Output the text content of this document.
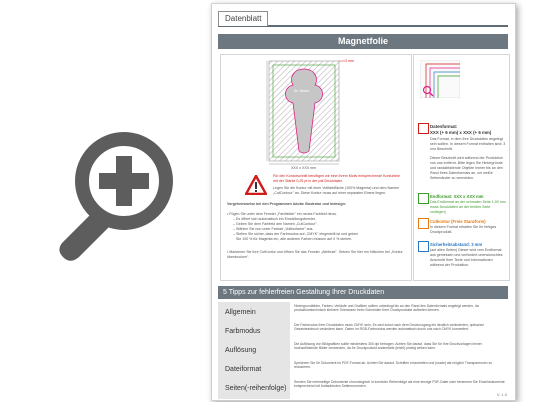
Datenblatt
Magnetfolie
Ihr Motiv
3 mm
XXX x XXX mm
Für den Konturschnitt benötigen wir eine Ihrem Motiv entsprechende Konturlinie mit der Stärke 0,25 pt in der pdf-Druckdatei.
Legen Sie die Kontur mit einer Vollfarbfläche (100% Magenta) und dem Namen „CutContour" an. Diese Kontur muss auf einer separaten Ebene liegen.
Vorgehensweise bei den Programmen Adobe Illustrator und Indesign:
• Fügen Sie unter dem Fenster „Farbfelder" ein neues Farbfeld hinzu.
– Es öffnet sich automatisch ein Einstellungsfenster.
– Geben Sie dem Farbfeld den Namen „CutContour".
– Wählen Sie nun unter Farbart „Volltonfarbe" aus.
– Stellen Sie sicher, dass der Farbmodus auf „CMYK" eingestellt ist und geben
Sie 100 % für Magenta ein, alle anderen Farben müssen auf 0 % stehen.
• Markieren Sie Ihre CutKontur und öffnen Sie das Fenster „Attribute". Setzen Sie hier ein Häkchen bei „Kontur überdrucken".
Datenformat:
XXX (+ 6 mm) x XXX (+ 6 mm)
Das Format, in dem Ihre Druckdaten angelegt sein sollten. In diesem Format enthalten sind: 3 mm Beschnitt.
Dieser Beschnitt wird während der Produktion von uns entfernt. Bitte legen Sie Hintergründe und randabfallende Objekte immer bis an den Rand Ihres Datenformats an, um weiße Seitenränder zu vermeiden.
Endformat: XXX x XXX mm
Das Endformat an der schmalen Seite 1:00 mm muss Druckdaten an der breiten Seite vorliegen)
Cutkontur (Freie Stanzform)
In diesem Format erhalten Sie Ihr fertiges Druckprodukt.
Sicherheitsabstand: 3 mm
(auf allen Seiten) Dieser wird vom Endformat aus gemessen und verhindert unerwünschtes Anschnitt Ihrer Texte und Informationen während der Produktion.
5 Tipps zur fehlerfreien Gestaltung Ihrer Druckdaten
Allgemein
Hintergrundbilder, Farben, Verläufe und Grafiken sollten unbedingt bis an den Rand des Datenformats angelegt werden, da produktionstechnisch kleinere Toleranzen beim Schneiden Ihrer Druckprodukte auftreten können.
Farbmodus
Der Farbmodus Ihrer Druckdaten muss CMYK sein. Es wird sonst nach dem Druckvorgang ein deutlich veränderten, optischen Gesamteindruck verändern kann. Daten im RGB-Farbmodus werden automatisch durch uns nach CMYK konvertiert.
Auflösung
Die Auflösung von Bildgrafiken sollte mindestens 300 dpi betragen. Achten Sie darauf, dass Sie für Ihre Druckvorlagen immer hochauflösende Bilder verwenden, da Ihr Druckprodukt andernfalls (leicht) pixelig wirken kann.
Dateiformat
Speichern Sie Ihr Dokument im PDF-Format ab. Achten Sie darauf, Schriften einzubetten und (sowie) als möglich Transparenzen zu reduzieren.
Seiten(-reihenfolge)
Senden Sie mehrseitige Dokumente chronologisch in korrekter Reihenfolge als eine einzige PDF-Datei oder benennen Sie Einzeldokumente entsprechend mit fortlaufenden Seitennummern.
V. 1.0
